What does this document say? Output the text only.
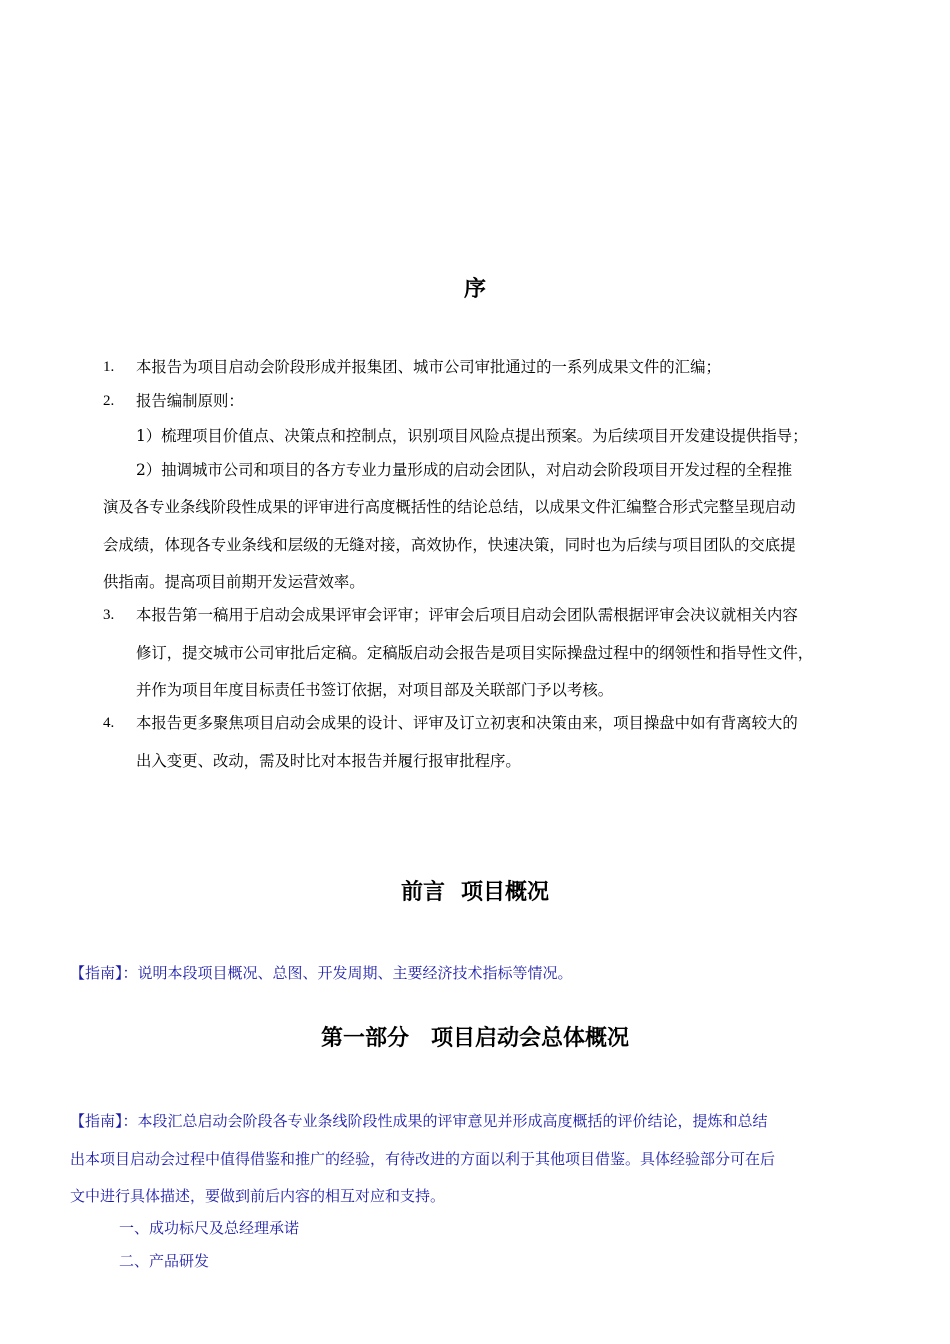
序
1. 本报告为项目启动会阶段形成并报集团、城市公司审批通过的一系列成果文件的汇编；
2. 报告编制原则：
1）梳理项目价值点、决策点和控制点，识别项目风险点提出预案。为后续项目开发建设提供指导；
2）抽调城市公司和项目的各方专业力量形成的启动会团队，对启动会阶段项目开发过程的全程推
演及各专业条线阶段性成果的评审进行高度概括性的结论总结，以成果文件汇编整合形式完整呈现启动
会成绩，体现各专业条线和层级的无缝对接，高效协作，快速决策，同时也为后续与项目团队的交底提
供指南。提高项目前期开发运营效率。
3. 本报告第一稿用于启动会成果评审会评审；评审会后项目启动会团队需根据评审会决议就相关内容
修订，提交城市公司审批后定稿。定稿版启动会报告是项目实际操盘过程中的纲领性和指导性文件，
并作为项目年度目标责任书签订依据，对项目部及关联部门予以考核。
4. 本报告更多聚焦项目启动会成果的设计、评审及订立初衷和决策由来，项目操盘中如有背离较大的
出入变更、改动，需及时比对本报告并履行报审批程序。
前言 项目概况
【指南】：说明本段项目概况、总图、开发周期、主要经济技术指标等情况。
第一部分 项目启动会总体概况
【指南】：本段汇总启动会阶段各专业条线阶段性成果的评审意见并形成高度概括的评价结论，提炼和总结
出本项目启动会过程中值得借鉴和推广的经验，有待改进的方面以利于其他项目借鉴。具体经验部分可在后
文中进行具体描述，要做到前后内容的相互对应和支持。
一、成功标尺及总经理承诺
二、产品研发
